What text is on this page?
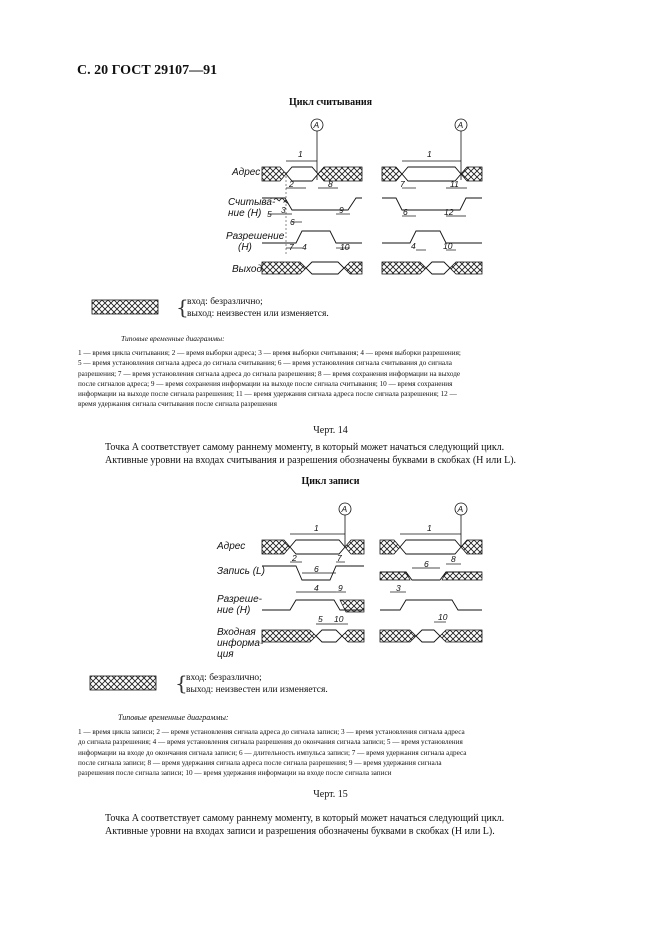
С. 20 ГОСТ 29107—91
Цикл считывания
Адрес
Считыва-
ние (Н)
Разрешение
(Н)
Выход
A	A
A	A
1
2	8
3
5
6
9
7 4	10
1
7	11
6	12
4	10
1
2	7
6
4 9
5 10
1
8
6
3
10
{
вход: безразлично;
выход: неизвестен или изменяется.
Типовые временные диаграммы:
1 — время цикла считывания; 2 — время выборки адреса; 3 — время выборки считывания; 4 — время выборки разрешения;
5 — время установления сигнала адреса до сигнала считывания; 6 — время установления сигнала считывания до сигнала
разрешения; 7 — время установления сигнала адреса до сигнала разрешения; 8 — время сохранения информации на выходе
после сигналов адреса; 9 — время сохранения информации на выходе после сигнала считывания; 10 — время сохранения
информации на выходе после сигнала разрешения; 11 — время удержания сигнала адреса после сигнала разрешения; 12 —
время удержания сигнала считывания после сигнала разрешения
Черт. 14
Точка A соответствует самому раннему моменту, в который может начаться следующий цикл.
Активные уровни на входах считывания и разрешения обозначены буквами в скобках (Н или L).
Цикл записи
Адрес
Запись (L)
Разреше-
ние (Н)
Входная
информа-
ция
{
вход: безразлично;
выход: неизвестен или изменяется.
Типовые временные диаграммы:
1 — время цикла записи; 2 — время установления сигнала адреса до сигнала записи; 3 — время установления сигнала адреса
до сигнала разрешения; 4 — время установления сигнала разрешения до окончания сигнала записи; 5 — время установления
информации на входе до окончания сигнала записи; 6 — длительность импульса записи; 7 — время удержания сигнала адреса
после сигнала записи; 8 — время удержания сигнала адреса после сигнала разрешения; 9 — время удержания сигнала
разрешения после сигнала записи; 10 — время удержания информации на входе после сигнала записи
Черт. 15
Точка A соответствует самому раннему моменту, в который может начаться следующий цикл.
Активные уровни на входах записи и разрешения обозначены буквами в скобках (Н или L).
